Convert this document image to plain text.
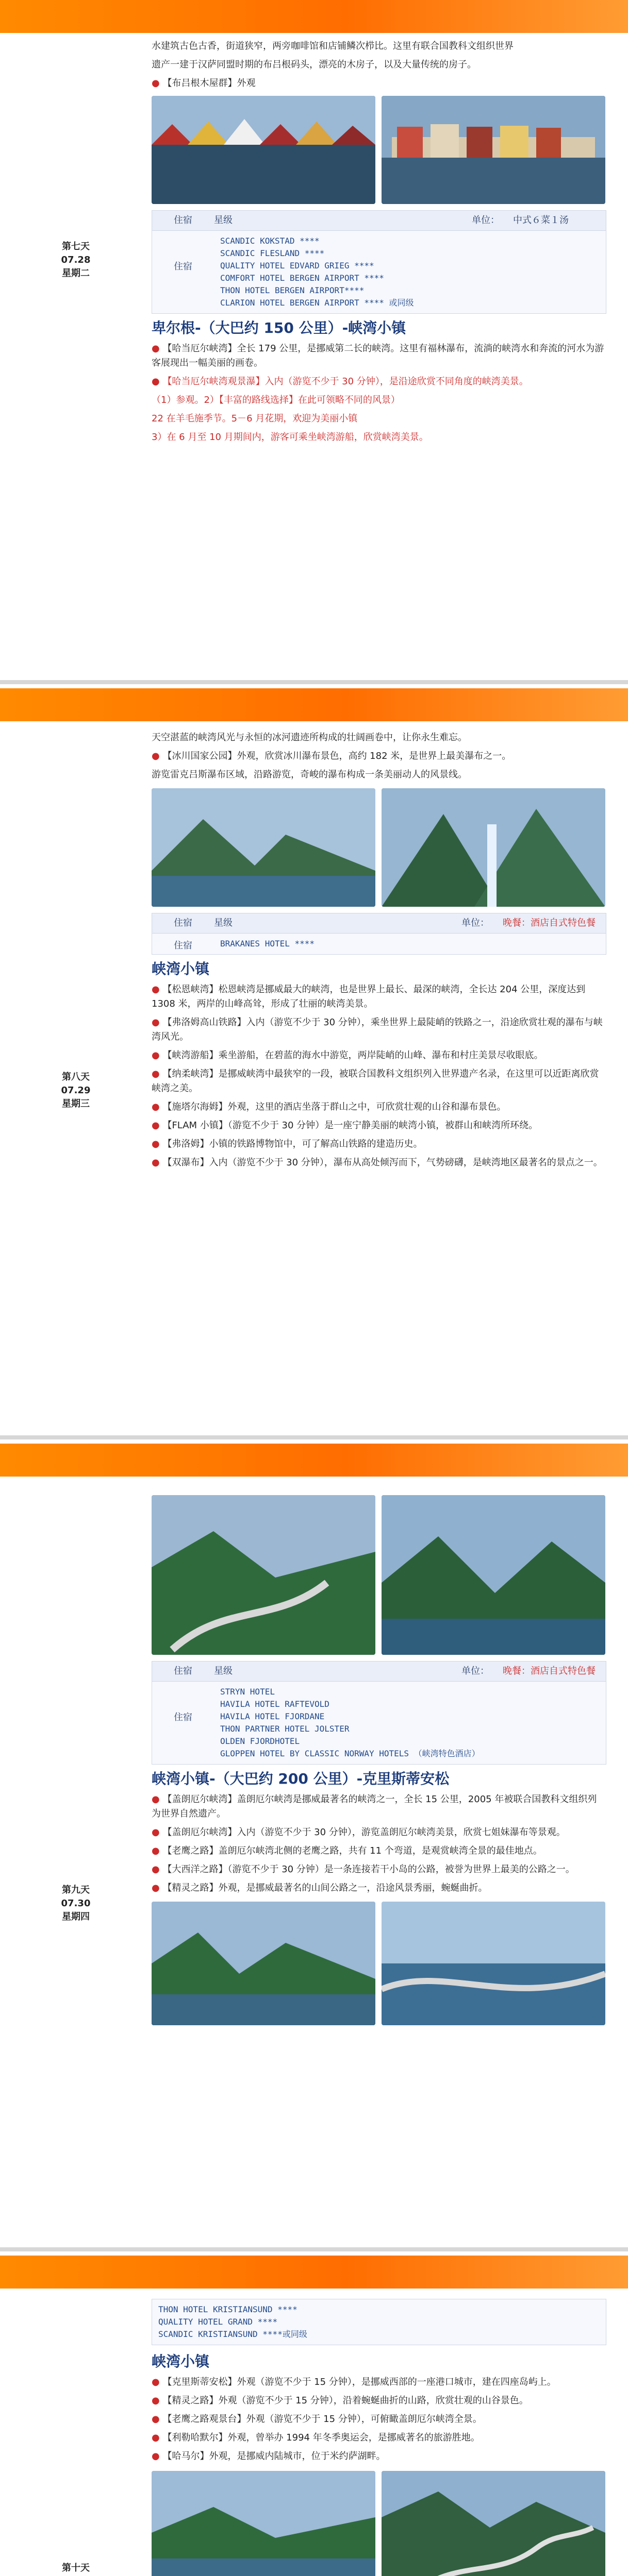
第七天
07.28
星期二
水建筑古色古香，街道狭窄，两旁咖啡馆和店铺鳞次栉比。这里有联合国教科文组织世界
遗产一建于汉萨同盟时期的布吕根码头，漂亮的木房子，以及大量传统的房子。
● 【布吕根木屋群】外观
住宿	星级	单位：	中式６菜１汤
住宿
SCANDIC KOKSTAD ****
SCANDIC FLESLAND ****
QUALITY HOTEL EDVARD GRIEG ****
COMFORT HOTEL BERGEN AIRPORT ****
THON HOTEL BERGEN AIRPORT****
CLARION HOTEL BERGEN AIRPORT **** 或同级
卑尔根-（大巴约 150 公里）-峡湾小镇
● 【哈当厄尔峡湾】全长 179 公里，是挪威第二长的峡湾。这里有福林瀑布，流淌的峡湾水和奔流的河水为游客展现出一幅美丽的画卷。
● 【哈当厄尔峡湾观景瀑】入内（游览不少于 30 分钟），是沿途欣赏不同角度的峡湾美景。
（1）参观。2）【丰富的路线选择】在此可领略不同的风景）
22 在羊毛施季节。5－6 月花期，欢迎为美丽小镇
3）在 6 月至 10 月期间内，游客可乘坐峡湾游船，欣赏峡湾美景。
第八天
07.29
星期三
天空湛蓝的峡湾风光与永恒的冰河遗迹所构成的壮阔画卷中，让你永生难忘。
● 【冰川国家公园】外观，欣赏冰川瀑布景色，高约 182 米，是世界上最美瀑布之一。
游览雷克吕斯瀑布区域，沿路游览，奇峻的瀑布构成一条美丽动人的风景线。
住宿	星级	单位：	晚餐：酒店自式特色餐
住宿	BRAKANES HOTEL ****
峡湾小镇
● 【松恩峡湾】松恩峡湾是挪威最大的峡湾，也是世界上最长、最深的峡湾，全长达 204 公里，深度达到 1308 米，两岸的山峰高耸，形成了壮丽的峡湾美景。
● 【弗洛姆高山铁路】入内（游览不少于 30 分钟），乘坐世界上最陡峭的铁路之一，沿途欣赏壮观的瀑布与峡湾风光。
● 【峡湾游船】乘坐游船，在碧蓝的海水中游览，两岸陡峭的山峰、瀑布和村庄美景尽收眼底。
● 【纳柔峡湾】是挪威峡湾中最狭窄的一段，被联合国教科文组织列入世界遗产名录，在这里可以近距离欣赏峡湾之美。
● 【施塔尔海姆】外观，这里的酒店坐落于群山之中，可欣赏壮观的山谷和瀑布景色。
● 【FLAM 小镇】（游览不少于 30 分钟）是一座宁静美丽的峡湾小镇，被群山和峡湾所环绕。
● 【弗洛姆】小镇的铁路博物馆中，可了解高山铁路的建造历史。
● 【双瀑布】入内（游览不少于 30 分钟），瀑布从高处倾泻而下，气势磅礴，是峡湾地区最著名的景点之一。
第九天
07.30
星期四
住宿	星级	单位：	晚餐：酒店自式特色餐
住宿
STRYN HOTEL
HAVILA HOTEL RAFTEVOLD
HAVILA HOTEL FJORDANE
THON PARTNER HOTEL JOLSTER
OLDEN FJORDHOTEL
GLOPPEN HOTEL BY CLASSIC NORWAY HOTELS （峡湾特色酒店）
峡湾小镇-（大巴约 200 公里）-克里斯蒂安松
● 【盖朗厄尔峡湾】盖朗厄尔峡湾是挪威最著名的峡湾之一，全长 15 公里，2005 年被联合国教科文组织列为世界自然遗产。
● 【盖朗厄尔峡湾】入内（游览不少于 30 分钟），游览盖朗厄尔峡湾美景，欣赏七姐妹瀑布等景观。
● 【老鹰之路】盖朗厄尔峡湾北侧的老鹰之路，共有 11 个弯道，是观赏峡湾全景的最佳地点。
● 【大西洋之路】（游览不少于 30 分钟）是一条连接若干小岛的公路，被誉为世界上最美的公路之一。
● 【精灵之路】外观，是挪威最著名的山间公路之一，沿途风景秀丽，蜿蜒曲折。
第十天
THON HOTEL KRISTIANSUND ****
QUALITY HOTEL GRAND ****
SCANDIC KRISTIANSUND ****或同级
峡湾小镇
● 【克里斯蒂安松】外观（游览不少于 15 分钟），是挪威西部的一座港口城市，建在四座岛屿上。
● 【精灵之路】外观（游览不少于 15 分钟），沿着蜿蜒曲折的山路，欣赏壮观的山谷景色。
● 【老鹰之路观景台】外观（游览不少于 15 分钟），可俯瞰盖朗厄尔峡湾全景。
● 【利勒哈默尔】外观，曾举办 1994 年冬季奥运会，是挪威著名的旅游胜地。
● 【哈马尔】外观，是挪威内陆城市，位于米约萨湖畔。
